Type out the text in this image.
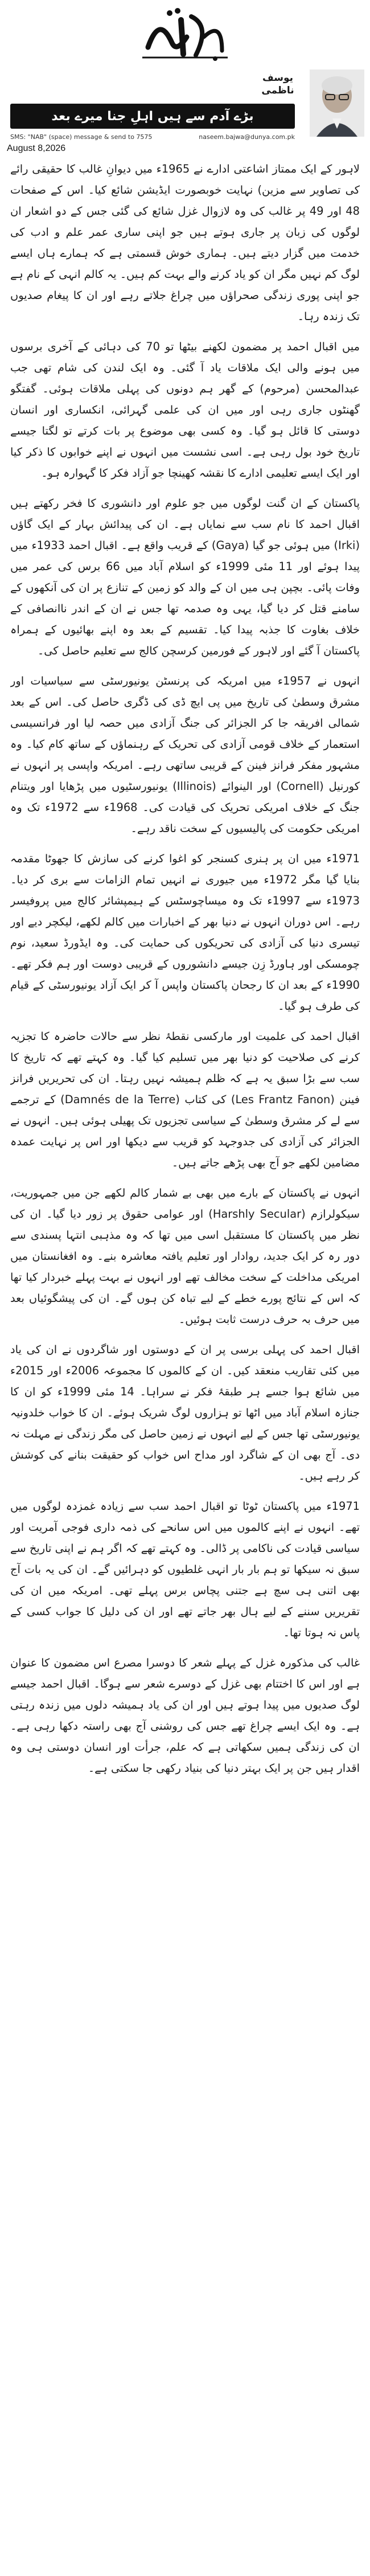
یوسف ناظمی
بڑے آدم سے ہیں اہلِ جنا میرے بعد
SMS: "NAB" (space) message & send to 7575	naseem.bajwa@dunya.com.pk
August 8,2026

لاہور کے ایک ممتاز اشاعتی ادارے نے 1965ء میں دیوانِ غالب کا حقیقی رائے کی تصاویر سے مزین) نہایت خوبصورت ایڈیشن شائع کیا۔ اس کے صفحات 48 اور 49 پر غالب کی وہ لازوال غزل شائع کی گئی جس کے دو اشعار ان لوگوں کی زبان پر جاری ہوتے ہیں جو اپنی ساری عمر علم و ادب کی خدمت میں گزار دیتے ہیں۔ ہماری خوش قسمتی ہے کہ ہمارے ہاں ایسے لوگ کم نہیں مگر ان کو یاد کرنے والے بہت کم ہیں۔ یہ کالم انہی کے نام ہے جو اپنی پوری زندگی صحراؤں میں چراغ جلاتے رہے اور ان کا پیغام صدیوں تک زندہ رہا۔

میں اقبال احمد پر مضمون لکھنے بیٹھا تو 70 کی دہائی کے آخری برسوں میں ہونے والی ایک ملاقات یاد آ گئی۔ وہ ایک لندن کی شام تھی جب عبدالمحسن (مرحوم) کے گھر ہم دونوں کی پہلی ملاقات ہوئی۔ گفتگو گھنٹوں جاری رہی اور میں ان کی علمی گہرائی، انکساری اور انسان دوستی کا قائل ہو گیا۔ وہ کسی بھی موضوع پر بات کرتے تو لگتا جیسے تاریخ خود بول رہی ہے۔ اسی نشست میں انہوں نے اپنے خوابوں کا ذکر کیا اور ایک ایسے تعلیمی ادارے کا نقشہ کھینچا جو آزاد فکر کا گہوارہ ہو۔

پاکستان کے ان گنت لوگوں میں جو علوم اور دانشوری کا فخر رکھتے ہیں اقبال احمد کا نام سب سے نمایاں ہے۔ ان کی پیدائش بہار کے ایک گاؤں (Irki) میں ہوئی جو گیا (Gaya) کے قریب واقع ہے۔ اقبال احمد 1933ء میں پیدا ہوئے اور 11 مئی 1999ء کو اسلام آباد میں 66 برس کی عمر میں وفات پائی۔ بچپن ہی میں ان کے والد کو زمین کے تنازع پر ان کی آنکھوں کے سامنے قتل کر دیا گیا، یہی وہ صدمہ تھا جس نے ان کے اندر ناانصافی کے خلاف بغاوت کا جذبہ پیدا کیا۔ تقسیم کے بعد وہ اپنے بھائیوں کے ہمراہ پاکستان آ گئے اور لاہور کے فورمین کرسچن کالج سے تعلیم حاصل کی۔

انہوں نے 1957ء میں امریکہ کی پرنسٹن یونیورسٹی سے سیاسیات اور مشرق وسطیٰ کی تاریخ میں پی ایچ ڈی کی ڈگری حاصل کی۔ اس کے بعد شمالی افریقہ جا کر الجزائر کی جنگ آزادی میں حصہ لیا اور فرانسیسی استعمار کے خلاف قومی آزادی کی تحریک کے رہنماؤں کے ساتھ کام کیا۔ وہ مشہور مفکر فرانز فینن کے قریبی ساتھی رہے۔ امریکہ واپسی پر انہوں نے کورنیل (Cornell) اور الینوائے (Illinois) یونیورسٹیوں میں پڑھایا اور ویتنام جنگ کے خلاف امریکی تحریک کی قیادت کی۔ 1968ء سے 1972ء تک وہ امریکی حکومت کی پالیسیوں کے سخت ناقد رہے۔

1971ء میں ان پر ہنری کسنجر کو اغوا کرنے کی سازش کا جھوٹا مقدمہ بنایا گیا مگر 1972ء میں جیوری نے انہیں تمام الزامات سے بری کر دیا۔ 1973ء سے 1997ء تک وہ میساچوسٹس کے ہیمپشائر کالج میں پروفیسر رہے۔ اس دوران انہوں نے دنیا بھر کے اخبارات میں کالم لکھے، لیکچر دیے اور تیسری دنیا کی آزادی کی تحریکوں کی حمایت کی۔ وہ ایڈورڈ سعید، نوم چومسکی اور ہاورڈ زِن جیسے دانشوروں کے قریبی دوست اور ہم فکر تھے۔ 1990ء کے بعد ان کا رجحان پاکستان واپس آ کر ایک آزاد یونیورسٹی کے قیام کی طرف ہو گیا۔

اقبال احمد کی علمیت اور مارکسی نقطۂ نظر سے حالات حاضرہ کا تجزیہ کرنے کی صلاحیت کو دنیا بھر میں تسلیم کیا گیا۔ وہ کہتے تھے کہ تاریخ کا سب سے بڑا سبق یہ ہے کہ ظلم ہمیشہ نہیں رہتا۔ ان کی تحریریں فرانز فینن (Les Frantz Fanon) کی کتاب (Damnés de la Terre) کے ترجمے سے لے کر مشرق وسطیٰ کے سیاسی تجزیوں تک پھیلی ہوئی ہیں۔ انہوں نے الجزائر کی آزادی کی جدوجہد کو قریب سے دیکھا اور اس پر نہایت عمدہ مضامین لکھے جو آج بھی پڑھے جاتے ہیں۔

انہوں نے پاکستان کے بارے میں بھی بے شمار کالم لکھے جن میں جمہوریت، سیکولرازم (Harshly Secular) اور عوامی حقوق پر زور دیا گیا۔ ان کی نظر میں پاکستان کا مستقبل اسی میں تھا کہ وہ مذہبی انتہا پسندی سے دور رہ کر ایک جدید، روادار اور تعلیم یافتہ معاشرہ بنے۔ وہ افغانستان میں امریکی مداخلت کے سخت مخالف تھے اور انہوں نے بہت پہلے خبردار کیا تھا کہ اس کے نتائج پورے خطے کے لیے تباہ کن ہوں گے۔ ان کی پیشگوئیاں بعد میں حرف بہ حرف درست ثابت ہوئیں۔

اقبال احمد کی پہلی برسی پر ان کے دوستوں اور شاگردوں نے ان کی یاد میں کئی تقاریب منعقد کیں۔ ان کے کالموں کا مجموعہ 2006ء اور 2015ء میں شائع ہوا جسے ہر طبقۂ فکر نے سراہا۔ 14 مئی 1999ء کو ان کا جنازہ اسلام آباد میں اٹھا تو ہزاروں لوگ شریک ہوئے۔ ان کا خواب خلدونیہ یونیورسٹی تھا جس کے لیے انہوں نے زمین حاصل کی مگر زندگی نے مہلت نہ دی۔ آج بھی ان کے شاگرد اور مداح اس خواب کو حقیقت بنانے کی کوشش کر رہے ہیں۔

1971ء میں پاکستان ٹوٹا تو اقبال احمد سب سے زیادہ غمزدہ لوگوں میں تھے۔ انہوں نے اپنے کالموں میں اس سانحے کی ذمہ داری فوجی آمریت اور سیاسی قیادت کی ناکامی پر ڈالی۔ وہ کہتے تھے کہ اگر ہم نے اپنی تاریخ سے سبق نہ سیکھا تو ہم بار بار انہی غلطیوں کو دہرائیں گے۔ ان کی یہ بات آج بھی اتنی ہی سچ ہے جتنی پچاس برس پہلے تھی۔ امریکہ میں ان کی تقریریں سننے کے لیے ہال بھر جاتے تھے اور ان کی دلیل کا جواب کسی کے پاس نہ ہوتا تھا۔

غالب کی مذکورہ غزل کے پہلے شعر کا دوسرا مصرع اس مضمون کا عنوان ہے اور اس کا اختتام بھی غزل کے دوسرے شعر سے ہوگا۔ اقبال احمد جیسے لوگ صدیوں میں پیدا ہوتے ہیں اور ان کی یاد ہمیشہ دلوں میں زندہ رہتی ہے۔ وہ ایک ایسے چراغ تھے جس کی روشنی آج بھی راستہ دکھا رہی ہے۔ ان کی زندگی ہمیں سکھاتی ہے کہ علم، جرأت اور انسان دوستی ہی وہ اقدار ہیں جن پر ایک بہتر دنیا کی بنیاد رکھی جا سکتی ہے۔
